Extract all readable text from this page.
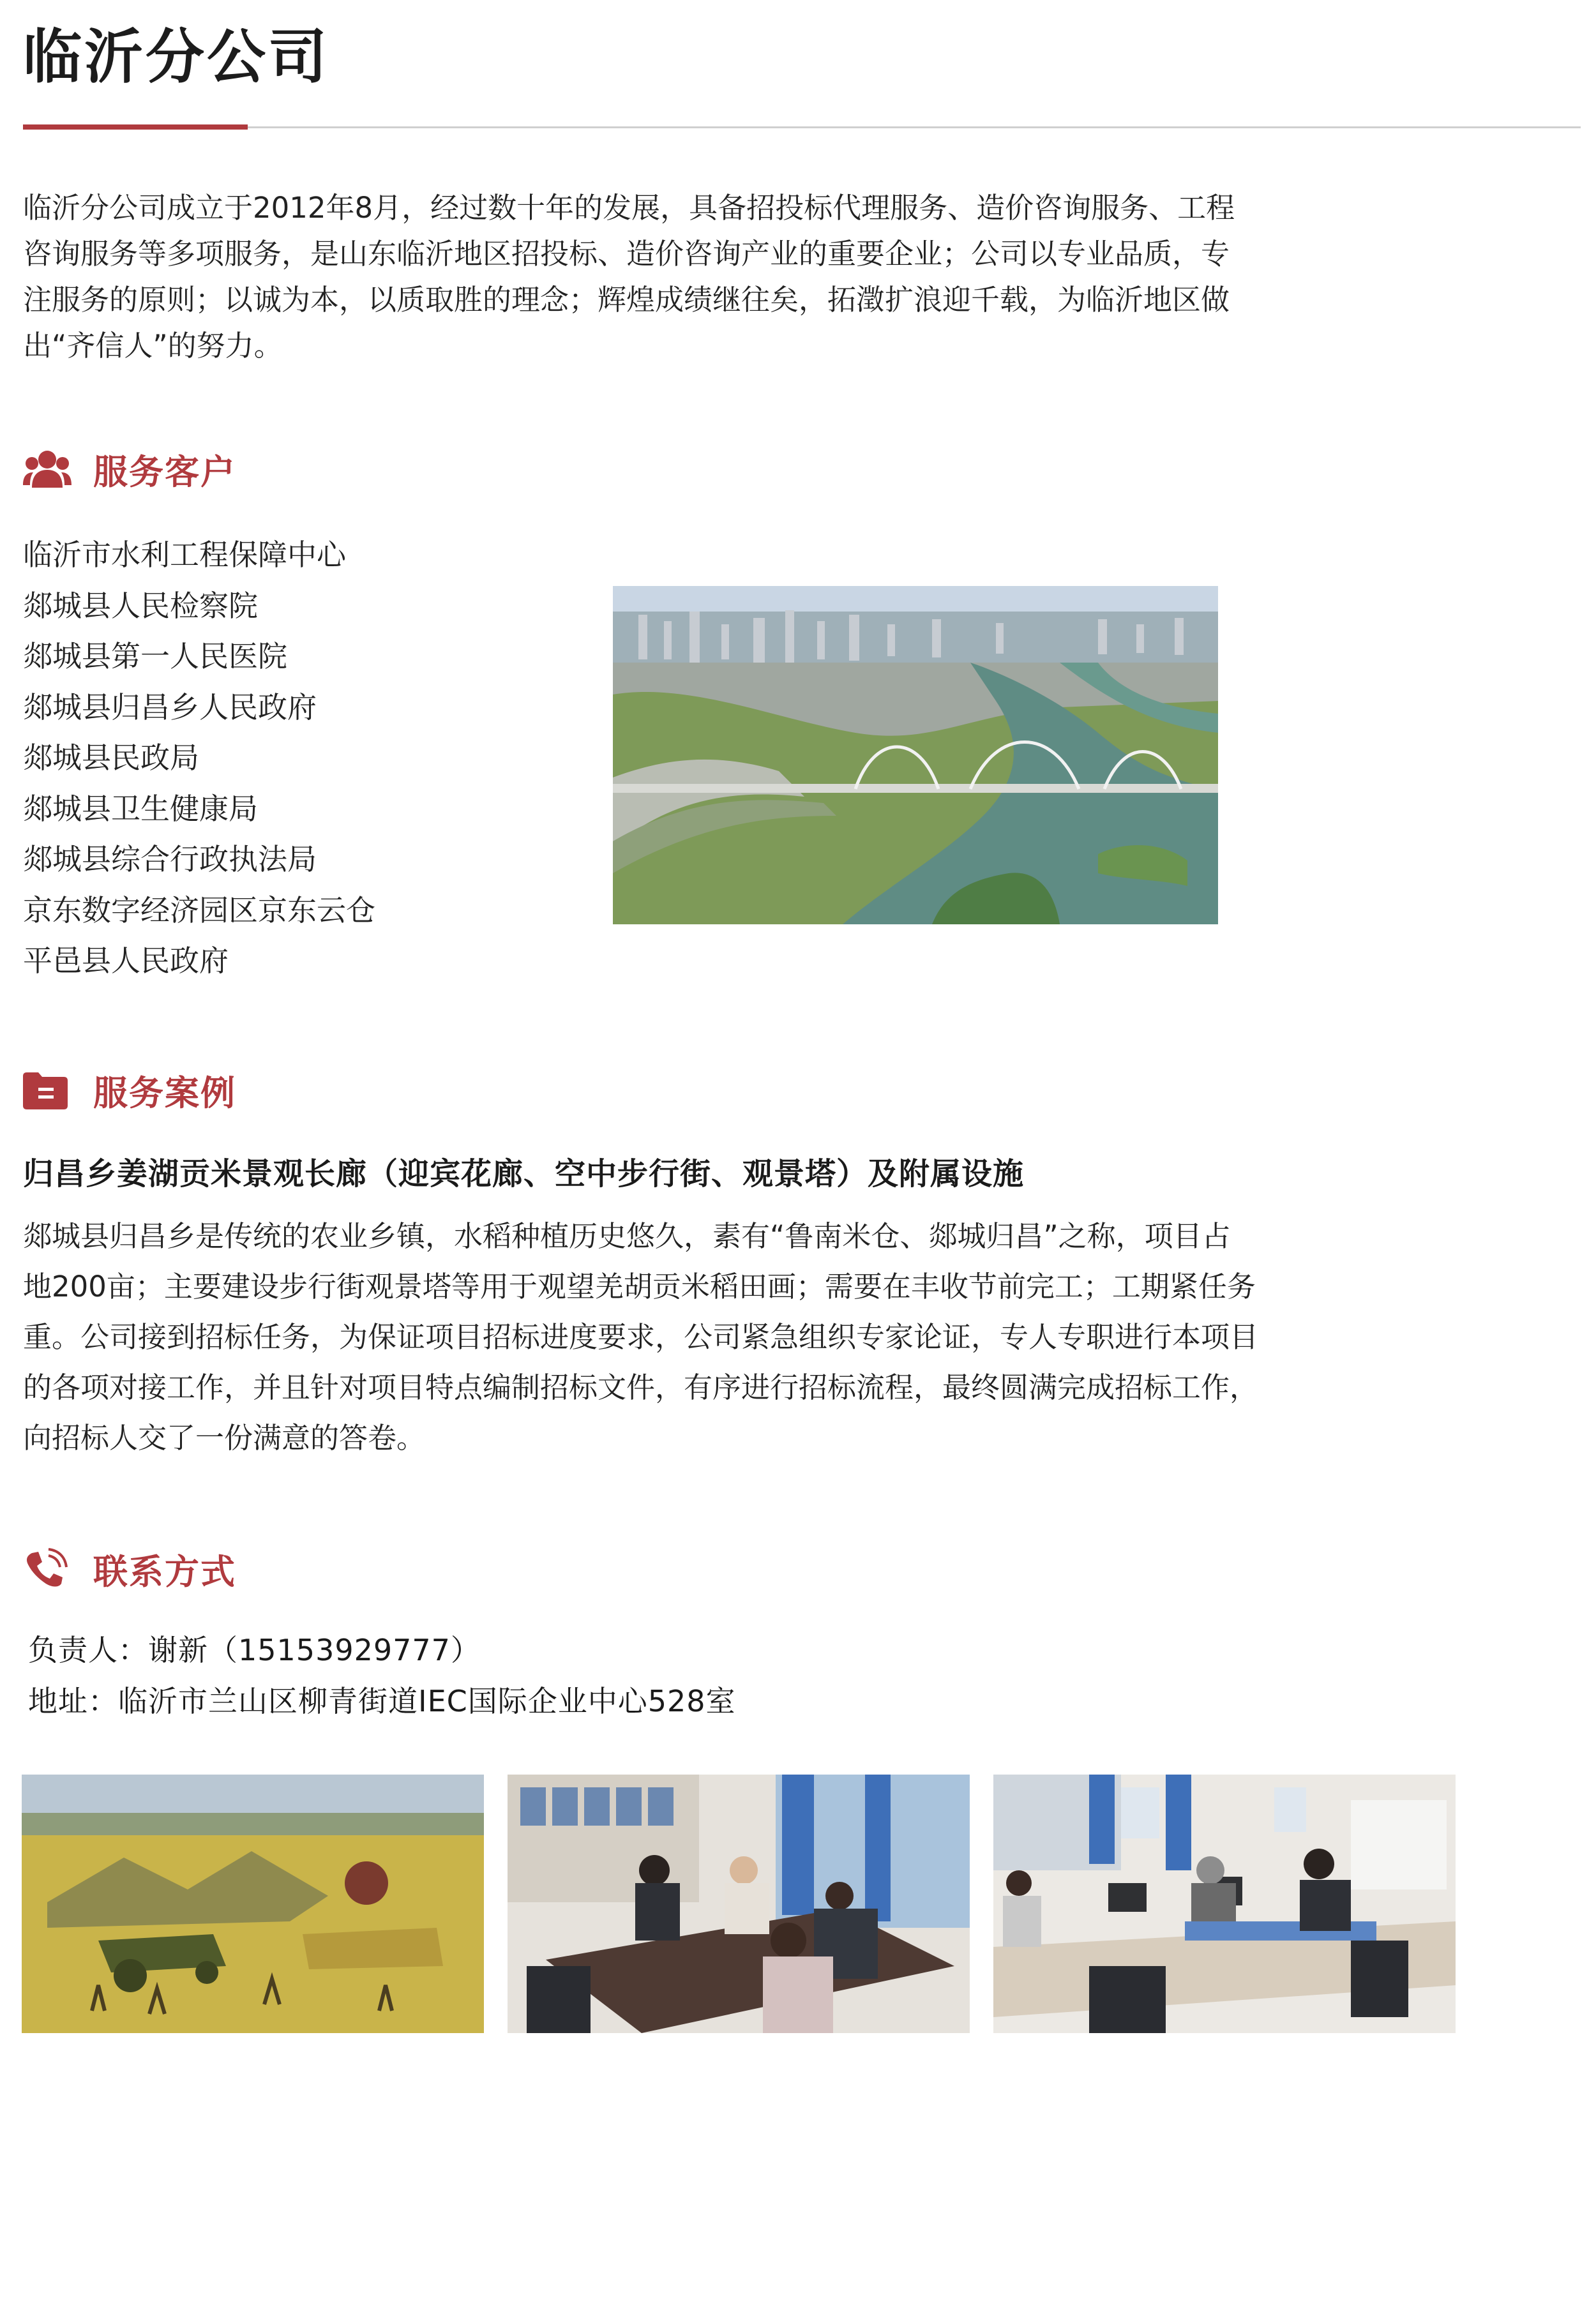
临沂分公司

临沂分公司成立于2012年8月，经过数十年的发展，具备招投标代理服务、造价咨询服务、工程咨询服务等多项服务，是山东临沂地区招投标、造价咨询产业的重要企业；公司以专业品质，专注服务的原则；以诚为本，以质取胜的理念；辉煌成绩继往矣，拓澂扩浪迎千载，为临沂地区做出“齐信人”的努力。

服务客户
临沂市水利工程保障中心
郯城县人民检察院
郯城县第一人民医院
郯城县归昌乡人民政府
郯城县民政局
郯城县卫生健康局
郯城县综合行政执法局
京东数字经济园区京东云仓
平邑县人民政府
服务案例
归昌乡姜湖贡米景观长廊（迎宾花廊、空中步行街、观景塔）及附属设施

郯城县归昌乡是传统的农业乡镇，水稻种植历史悠久，素有“鲁南米仓、郯城归昌”之称，项目占地200亩；主要建设步行街观景塔等用于观望羌胡贡米稻田画；需要在丰收节前完工；工期紧任务重。公司接到招标任务，为保证项目招标进度要求，公司紧急组织专家论证，专人专职进行本项目的各项对接工作，并且针对项目特点编制招标文件，有序进行招标流程，最终圆满完成招标工作，向招标人交了一份满意的答卷。

联系方式
负责人：谢新（15153929777）
地址：临沂市兰山区柳青街道IEC国际企业中心528室
